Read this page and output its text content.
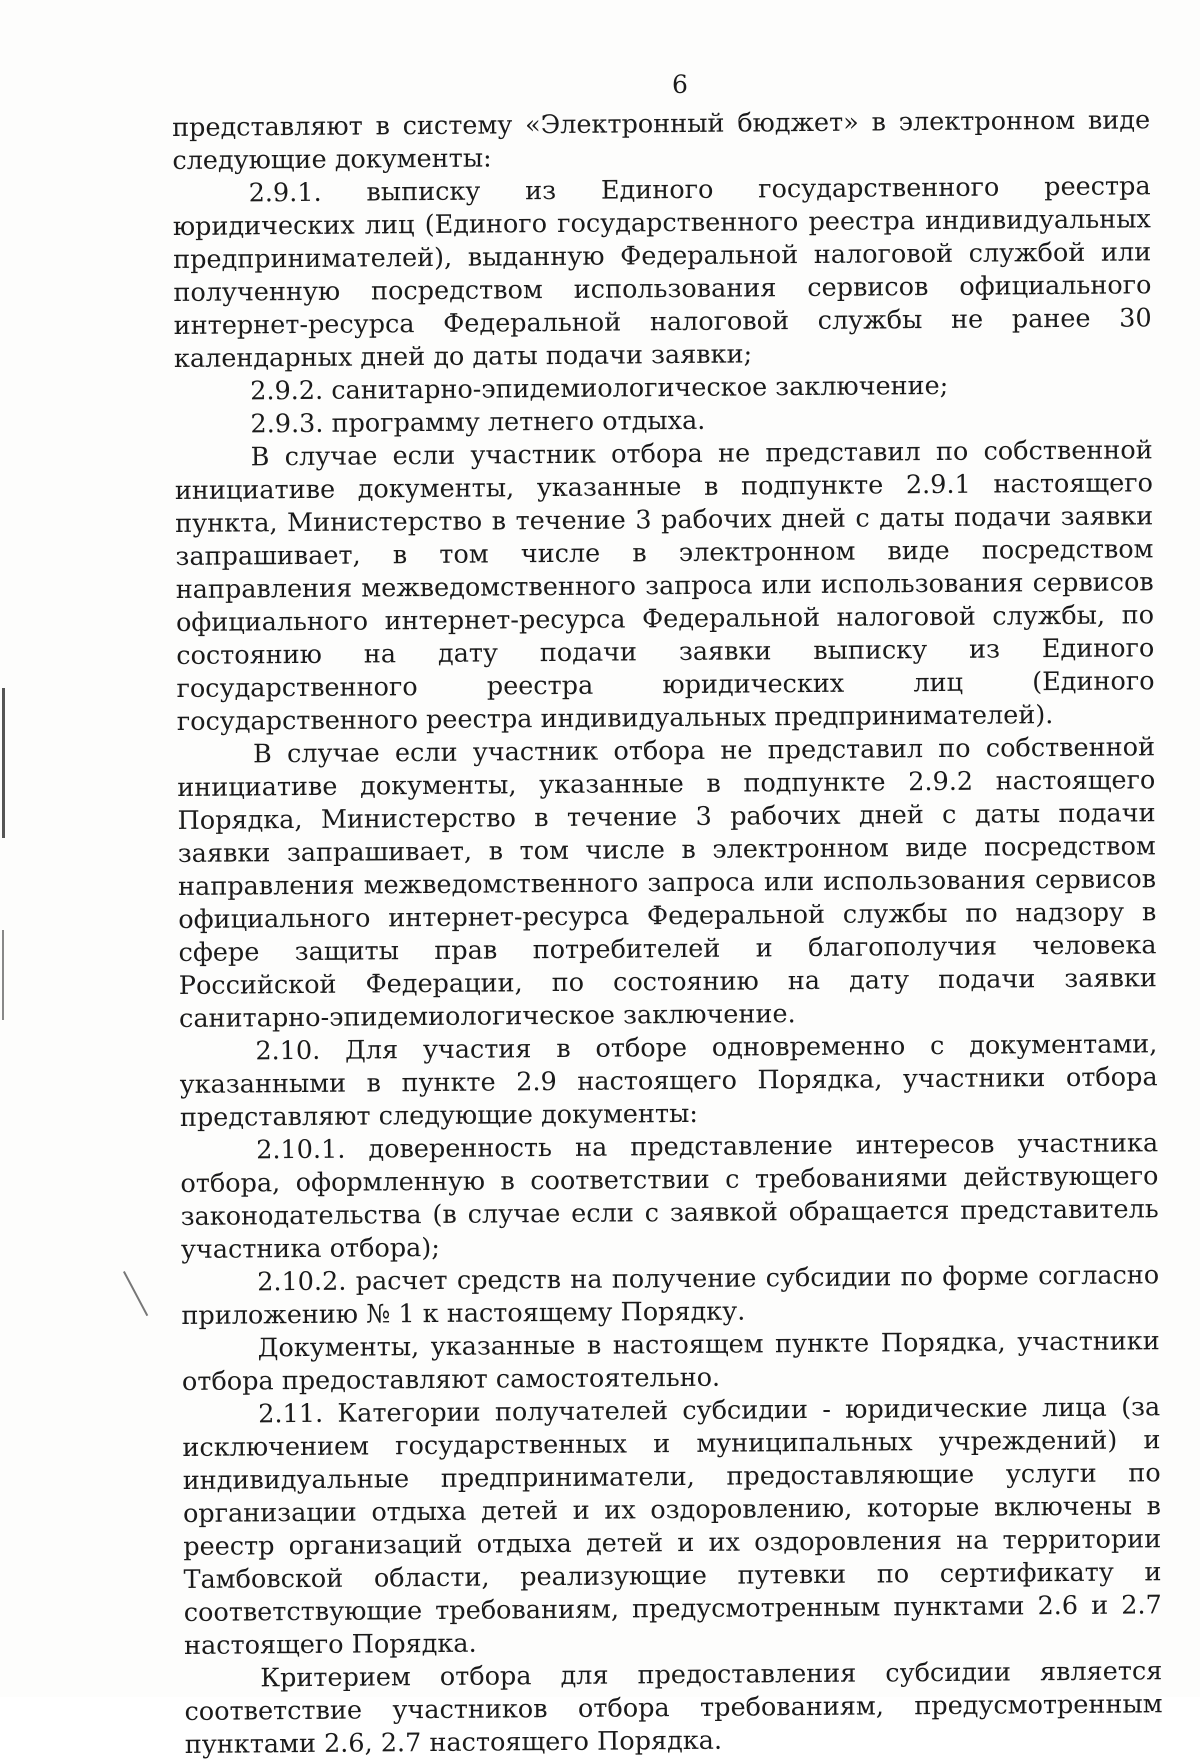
6

представляют в систему «Электронный бюджет» в электронном виде следующие документы:

2.9.1. выписку из Единого государственного реестра юридических лиц (Единого государственного реестра индивидуальных предпринимателей), выданную Федеральной налоговой службой или полученную посредством использования сервисов официального интернет-ресурса Федеральной налоговой службы не ранее 30 календарных дней до даты подачи заявки;

2.9.2. санитарно-эпидемиологическое заключение;

2.9.3. программу летнего отдыха.

В случае если участник отбора не представил по собственной инициативе документы, указанные в подпункте 2.9.1 настоящего пункта, Министерство в течение 3 рабочих дней с даты подачи заявки запрашивает, в том числе в электронном виде посредством направления межведомственного запроса или использования сервисов официального интернет-ресурса Федеральной налоговой службы, по состоянию на дату подачи заявки выписку из Единого государственного реестра юридических лиц (Единого государственного реестра индивидуальных предпринимателей).

В случае если участник отбора не представил по собственной инициативе документы, указанные в подпункте 2.9.2 настоящего Порядка, Министерство в течение 3 рабочих дней с даты подачи заявки запрашивает, в том числе в электронном виде посредством направления межведомственного запроса или использования сервисов официального интернет-ресурса Федеральной службы по надзору в сфере защиты прав потребителей и благополучия человека Российской Федерации, по состоянию на дату подачи заявки санитарно-эпидемиологическое заключение.

2.10. Для участия в отборе одновременно с документами, указанными в пункте 2.9 настоящего Порядка, участники отбора представляют следующие документы:

2.10.1. доверенность на представление интересов участника отбора, оформленную в соответствии с требованиями действующего законодательства (в случае если с заявкой обращается представитель участника отбора);

2.10.2. расчет средств на получение субсидии по форме согласно приложению № 1 к настоящему Порядку.

Документы, указанные в настоящем пункте Порядка, участники отбора предоставляют самостоятельно.

2.11. Категории получателей субсидии - юридические лица (за исключением государственных и муниципальных учреждений) и индивидуальные предприниматели, предоставляющие услуги по организации отдыха детей и их оздоровлению, которые включены в реестр организаций отдыха детей и их оздоровления на территории Тамбовской области, реализующие путевки по сертификату и соответствующие требованиям, предусмотренным пунктами 2.6 и 2.7 настоящего Порядка.

Критерием отбора для предоставления субсидии является соответствие участников отбора требованиям, предусмотренным пунктами 2.6, 2.7 настоящего Порядка.
